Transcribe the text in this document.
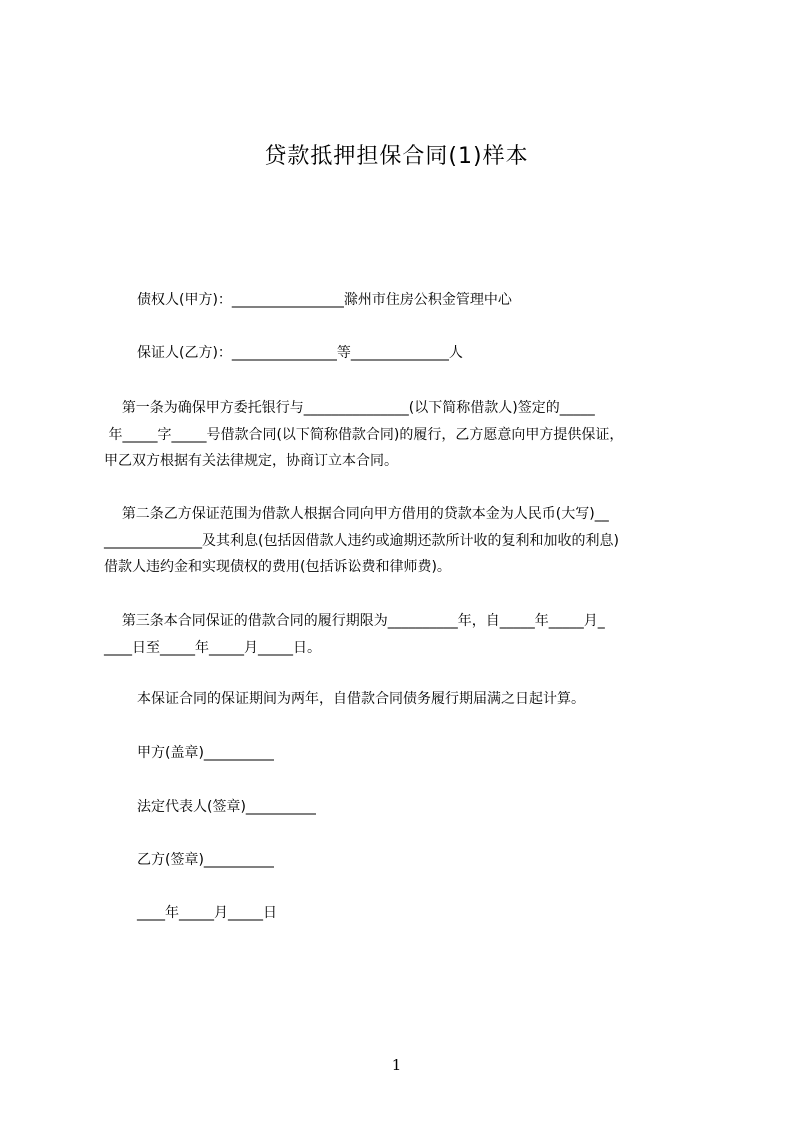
贷款抵押担保合同(1)样本
债权人(甲方)：________________滁州市住房公积金管理中心
保证人(乙方)：_______________等______________人
第一条为确保甲方委托银行与_______________(以下简称借款人)签定的_____
年_____字_____号借款合同(以下简称借款合同)的履行，乙方愿意向甲方提供保证，
甲乙双方根据有关法律规定，协商订立本合同。
第二条乙方保证范围为借款人根据合同向甲方借用的贷款本金为人民币(大写)__
______________及其利息(包括因借款人违约或逾期还款所计收的复利和加收的利息)
借款人违约金和实现债权的费用(包括诉讼费和律师费)。
第三条本合同保证的借款合同的履行期限为__________年，自_____年_____月_
____日至_____年_____月_____日。
本保证合同的保证期间为两年，自借款合同债务履行期届满之日起计算。
甲方(盖章)__________
法定代表人(签章)__________
乙方(签章)__________
____年_____月_____日
1
